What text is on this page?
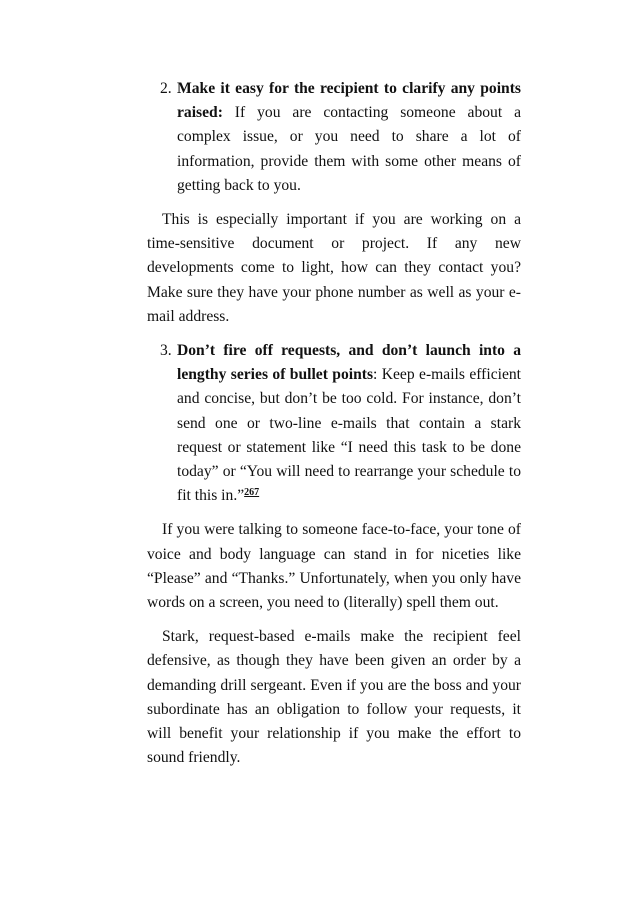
2. Make it easy for the recipient to clarify any points raised: If you are contacting someone about a complex issue, or you need to share a lot of information, provide them with some other means of getting back to you.

This is especially important if you are working on a time-sensitive document or project. If any new developments come to light, how can they contact you? Make sure they have your phone number as well as your e-mail address.

3. Don’t fire off requests, and don’t launch into a lengthy series of bullet points: Keep e-mails efficient and concise, but don’t be too cold. For instance, don’t send one or two-line e-mails that contain a stark request or statement like “I need this task to be done today” or “You will need to rearrange your schedule to fit this in.”$^{267}$

If you were talking to someone face-to-face, your tone of voice and body language can stand in for niceties like “Please” and “Thanks.” Unfortunately, when you only have words on a screen, you need to (literally) spell them out.

Stark, request-based e-mails make the recipient feel defensive, as though they have been given an order by a demanding drill sergeant. Even if you are the boss and your subordinate has an obligation to follow your requests, it will benefit your relationship if you make the effort to sound friendly.
